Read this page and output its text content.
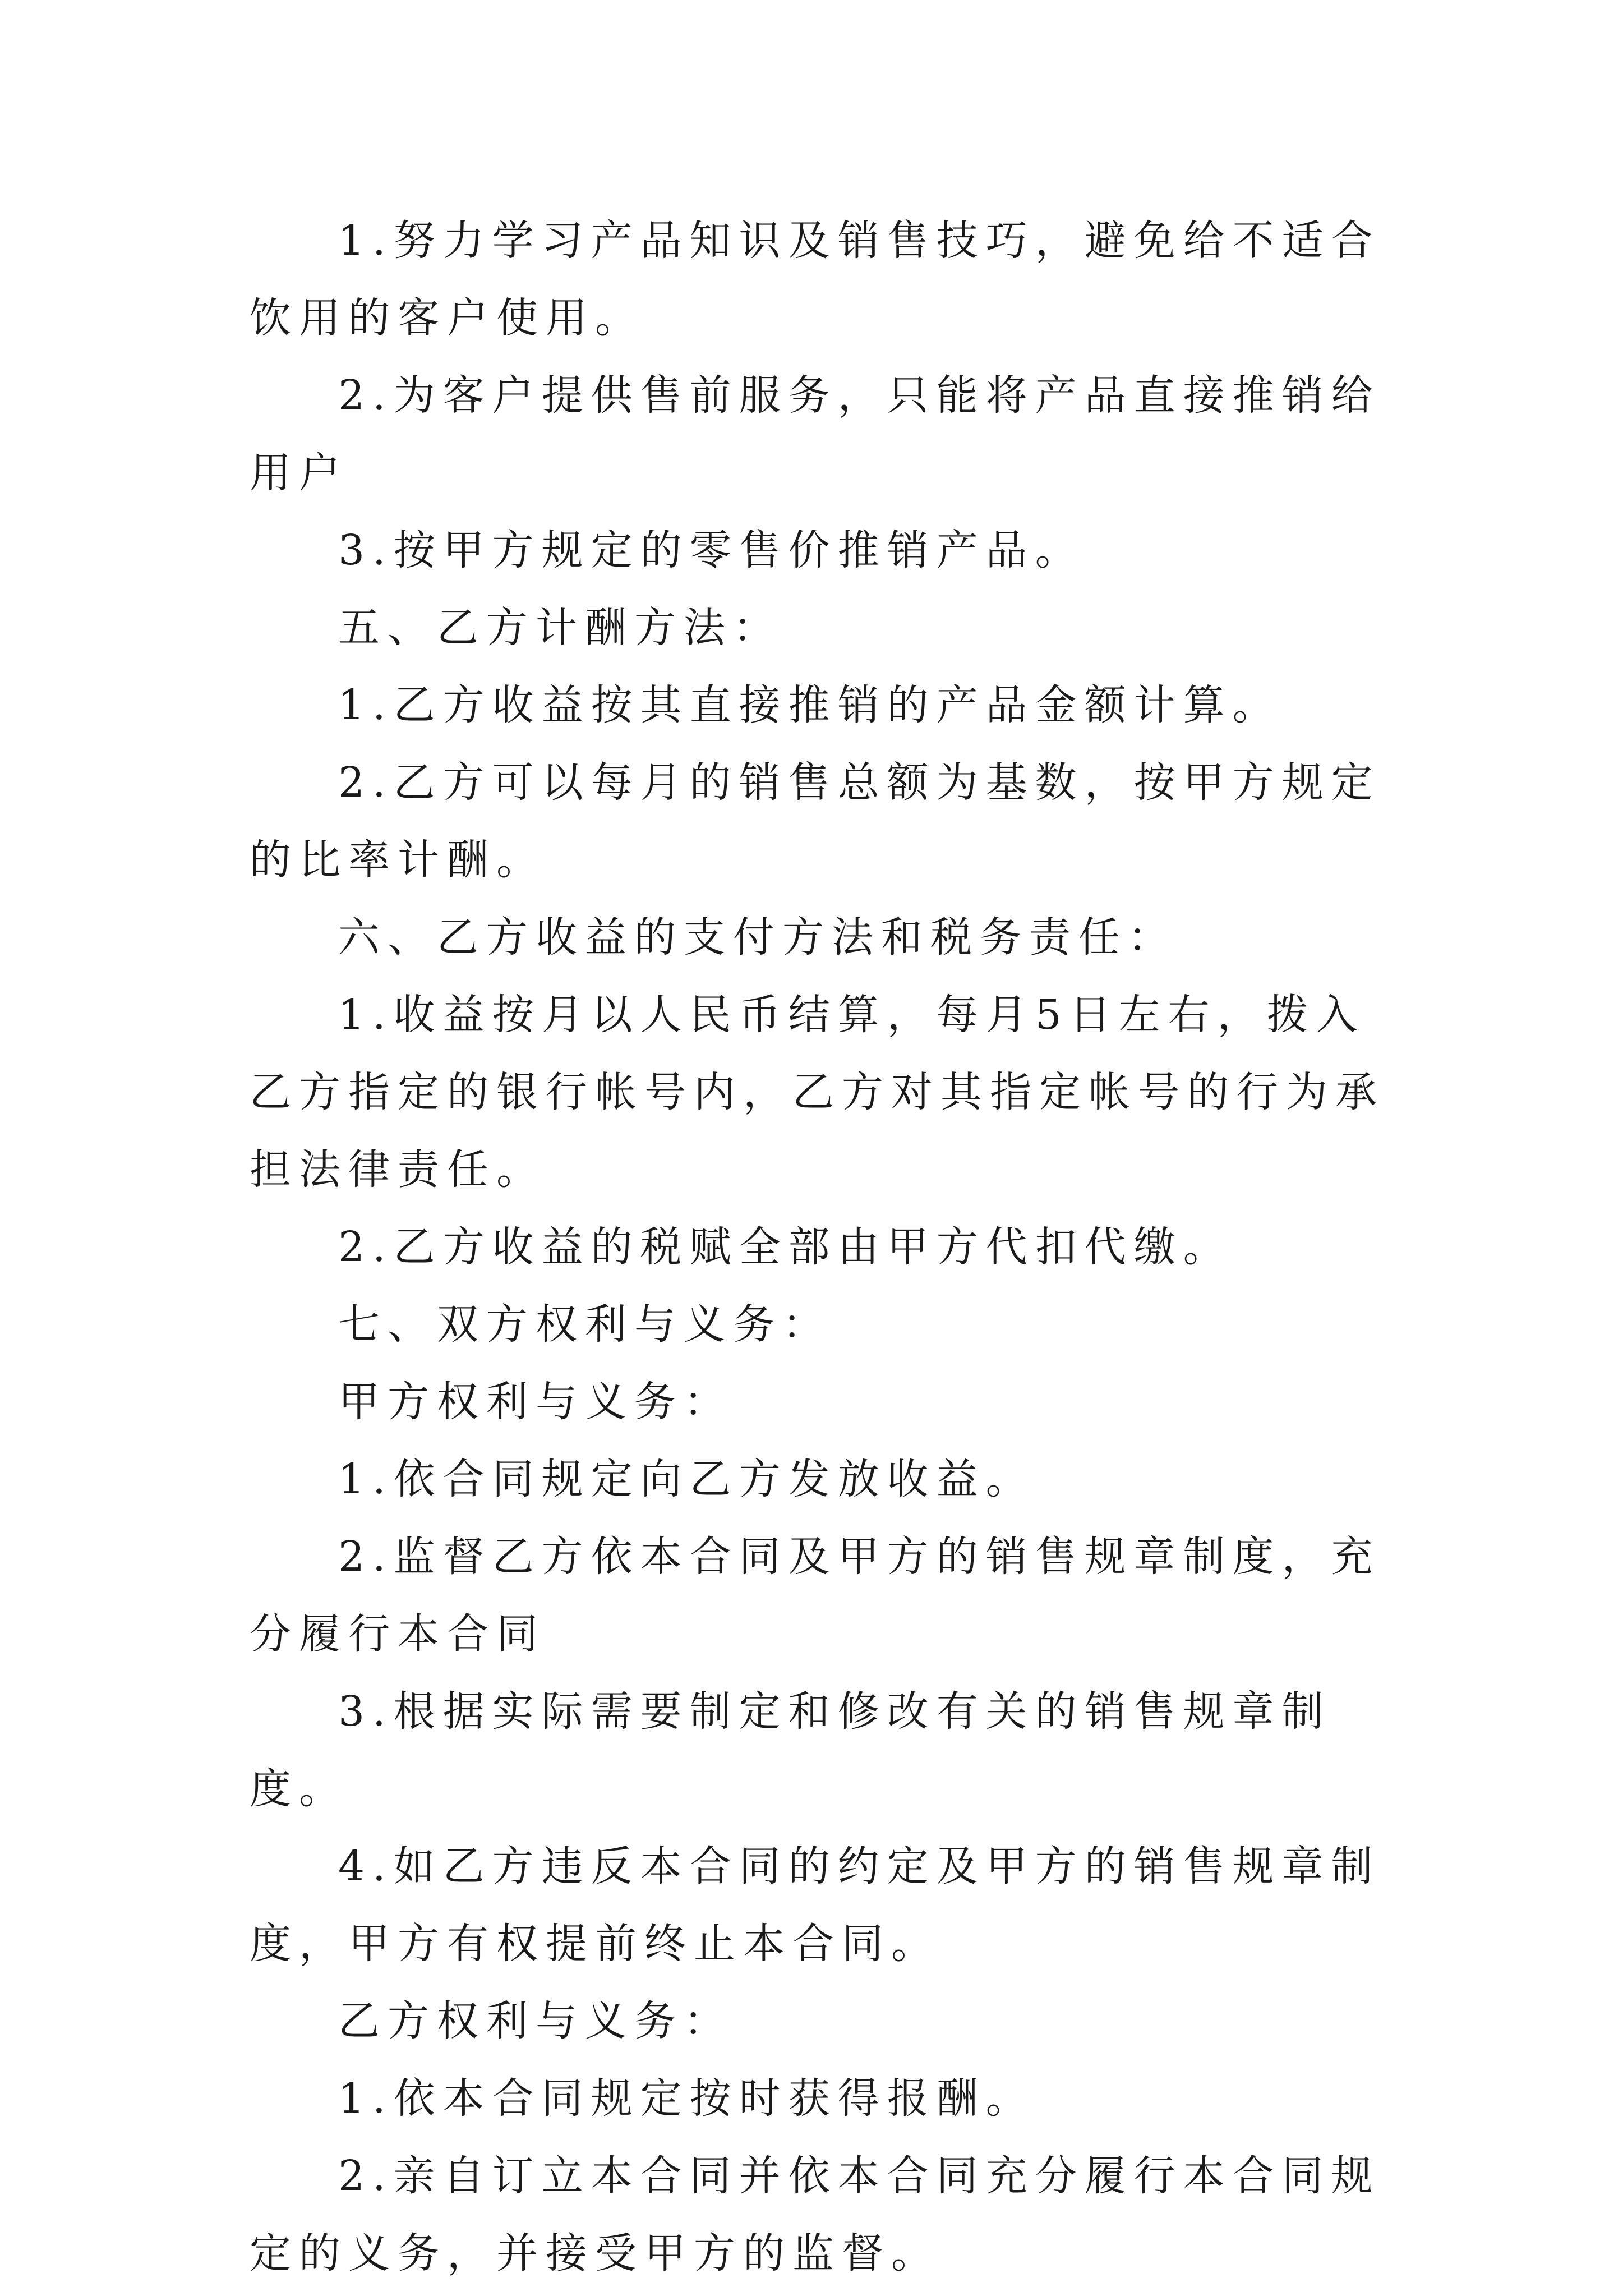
1.努力学习产品知识及销售技巧，避免给不适合饮用的客户使用。

2.为客户提供售前服务，只能将产品直接推销给用户

3.按甲方规定的零售价推销产品。

五、乙方计酬方法：

1.乙方收益按其直接推销的产品金额计算。

2.乙方可以每月的销售总额为基数，按甲方规定的比率计酬。

六、乙方收益的支付方法和税务责任：

1.收益按月以人民币结算，每月5日左右，拨入乙方指定的银行帐号内，乙方对其指定帐号的行为承担法律责任。

2.乙方收益的税赋全部由甲方代扣代缴。

七、双方权利与义务：

甲方权利与义务：

1.依合同规定向乙方发放收益。

2.监督乙方依本合同及甲方的销售规章制度，充分履行本合同

3.根据实际需要制定和修改有关的销售规章制度。

4.如乙方违反本合同的约定及甲方的销售规章制度，甲方有权提前终止本合同。

乙方权利与义务：

1.依本合同规定按时获得报酬。

2.亲自订立本合同并依本合同充分履行本合同规定的义务，并接受甲方的监督。
